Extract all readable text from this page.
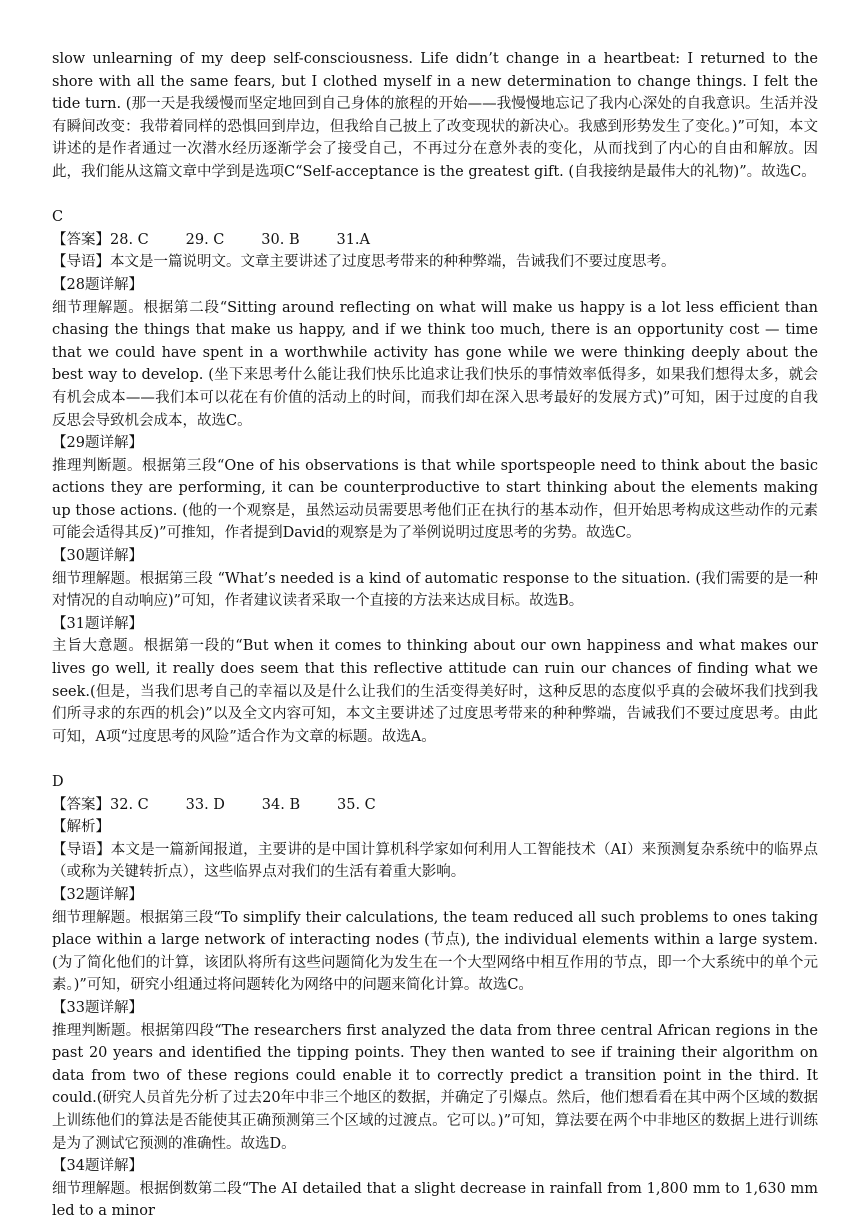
slow unlearning of my deep self-consciousness. Life didn’t change in a heartbeat: I returned to the shore with all the same fears, but I clothed myself in a new determination to change things. I felt the tide turn. (那一天是我缓慢而坚定地回到自己身体的旅程的开始——我慢慢地忘记了我内心深处的自我意识。生活并没有瞬间改变：我带着同样的恐惧回到岸边，但我给自己披上了改变现状的新决心。我感到形势发生了变化。)”可知，本文讲述的是作者通过一次潜水经历逐渐学会了接受自己，不再过分在意外表的变化，从而找到了内心的自由和解放。因此，我们能从这篇文章中学到是选项C“Self-acceptance is the greatest gift. (自我接纳是最伟大的礼物)”。故选C。

C

【答案】28. C        29. C        30. B        31.A

【导语】本文是一篇说明文。文章主要讲述了过度思考带来的种种弊端，告诫我们不要过度思考。

【28题详解】

细节理解题。根据第二段“Sitting around reflecting on what will make us happy is a lot less efficient than chasing the things that make us happy, and if we think too much, there is an opportunity cost — time that we could have spent in a worthwhile activity has gone while we were thinking deeply about the best way to develop. (坐下来思考什么能让我们快乐比追求让我们快乐的事情效率低得多，如果我们想得太多，就会有机会成本——我们本可以花在有价值的活动上的时间，而我们却在深入思考最好的发展方式)”可知，困于过度的自我反思会导致机会成本，故选C。

【29题详解】

推理判断题。根据第三段“One of his observations is that while sportspeople need to think about the basic actions they are performing, it can be counterproductive to start thinking about the elements making up those actions. (他的一个观察是，虽然运动员需要思考他们正在执行的基本动作，但开始思考构成这些动作的元素可能会适得其反)”可推知，作者提到David的观察是为了举例说明过度思考的劣势。故选C。

【30题详解】

细节理解题。根据第三段 “What’s needed is a kind of automatic response to the situation. (我们需要的是一种对情况的自动响应)”可知，作者建议读者采取一个直接的方法来达成目标。故选B。

【31题详解】

主旨大意题。根据第一段的“But when it comes to thinking about our own happiness and what makes our lives go well, it really does seem that this reflective attitude can ruin our chances of finding what we seek.(但是，当我们思考自己的幸福以及是什么让我们的生活变得美好时，这种反思的态度似乎真的会破坏我们找到我们所寻求的东西的机会)”以及全文内容可知，本文主要讲述了过度思考带来的种种弊端，告诫我们不要过度思考。由此可知，A项“过度思考的风险”适合作为文章的标题。故选A。

D

【答案】32. C        33. D        34. B        35. C

【解析】

【导语】本文是一篇新闻报道，主要讲的是中国计算机科学家如何利用人工智能技术（AI）来预测复杂系统中的临界点（或称为关键转折点），这些临界点对我们的生活有着重大影响。

【32题详解】

细节理解题。根据第三段“To simplify their calculations, the team reduced all such problems to ones taking place within a large network of interacting nodes (节点), the individual elements within a large system.(为了简化他们的计算，该团队将所有这些问题简化为发生在一个大型网络中相互作用的节点，即一个大系统中的单个元素。)”可知，研究小组通过将问题转化为网络中的问题来简化计算。故选C。

【33题详解】

推理判断题。根据第四段“The researchers first analyzed the data from three central African regions in the past 20 years and identified the tipping points. They then wanted to see if training their algorithm on data from two of these regions could enable it to correctly predict a transition point in the third. It could.(研究人员首先分析了过去20年中非三个地区的数据，并确定了引爆点。然后，他们想看看在其中两个区域的数据上训练他们的算法是否能使其正确预测第三个区域的过渡点。它可以。)”可知，算法要在两个中非地区的数据上进行训练是为了测试它预测的准确性。故选D。

【34题详解】

细节理解题。根据倒数第二段“The AI detailed that a slight decrease in rainfall from 1,800 mm to 1,630 mm led to a minor
